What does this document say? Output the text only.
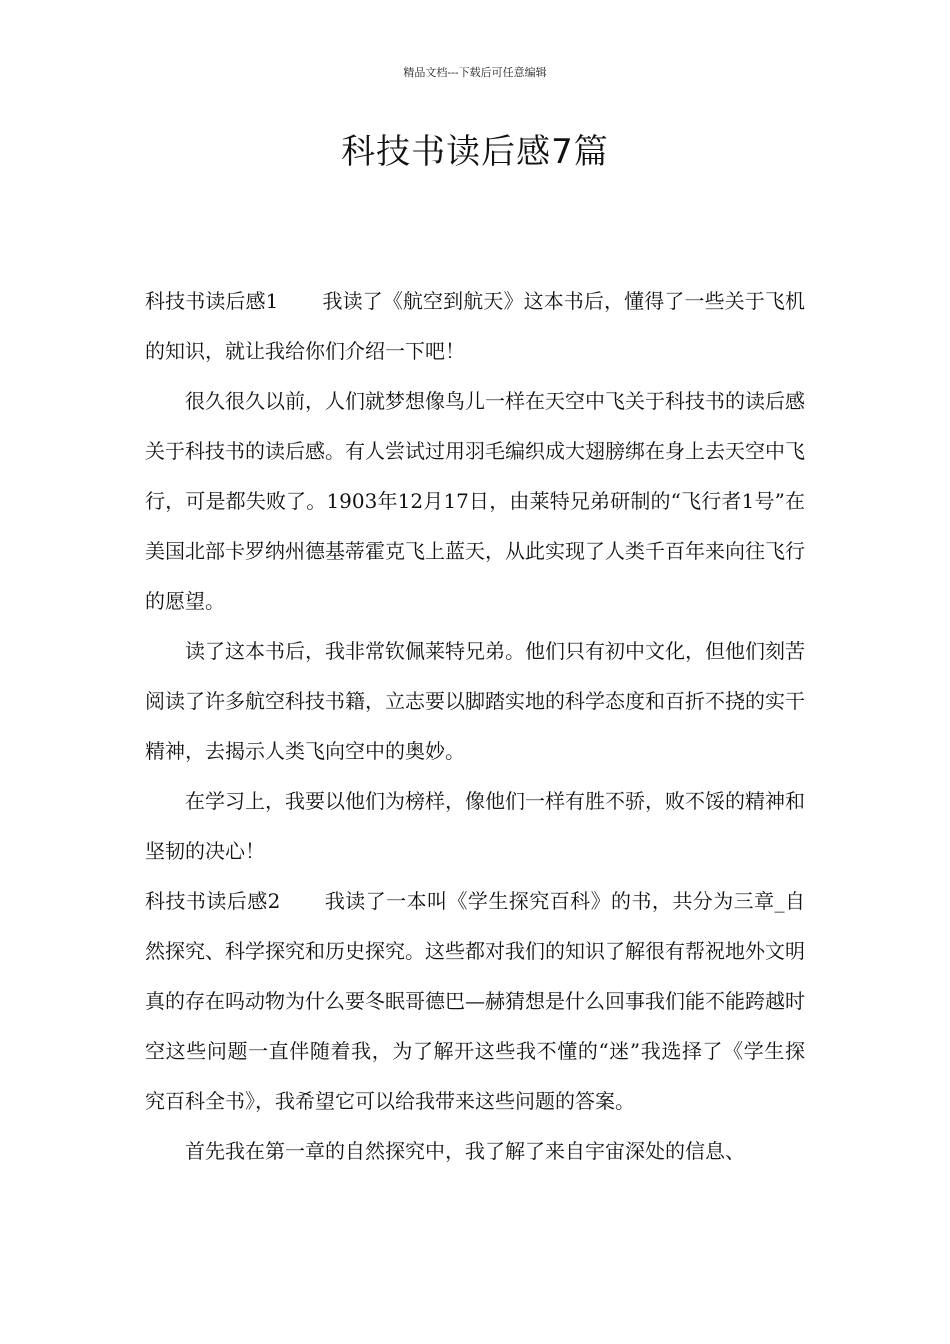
精品文档---下载后可任意编辑
科技书读后感7篇

科技书读后感1 我读了《航空到航天》这本书后，懂得了一些关于飞机的知识，就让我给你们介绍一下吧！

很久很久以前，人们就梦想像鸟儿一样在天空中飞关于科技书的读后感关于科技书的读后感。有人尝试过用羽毛编织成大翅膀绑在身上去天空中飞行，可是都失败了。1903年12月17日，由莱特兄弟研制的“飞行者1号”在美国北部卡罗纳州德基蒂霍克飞上蓝天，从此实现了人类千百年来向往飞行的愿望。

读了这本书后，我非常钦佩莱特兄弟。他们只有初中文化，但他们刻苦阅读了许多航空科技书籍，立志要以脚踏实地的科学态度和百折不挠的实干精神，去揭示人类飞向空中的奥妙。

在学习上，我要以他们为榜样，像他们一样有胜不骄，败不馁的精神和坚韧的决心！

科技书读后感2 我读了一本叫《学生探究百科》的书，共分为三章_自然探究、科学探究和历史探究。这些都对我们的知识了解很有帮祝地外文明真的存在吗动物为什么要冬眠哥德巴—赫猜想是什么回事我们能不能跨越时空这些问题一直伴随着我，为了解开这些我不懂的“迷”我选择了《学生探究百科全书》，我希望它可以给我带来这些问题的答案。

首先我在第一章的自然探究中，我了解了来自宇宙深处的信息、
